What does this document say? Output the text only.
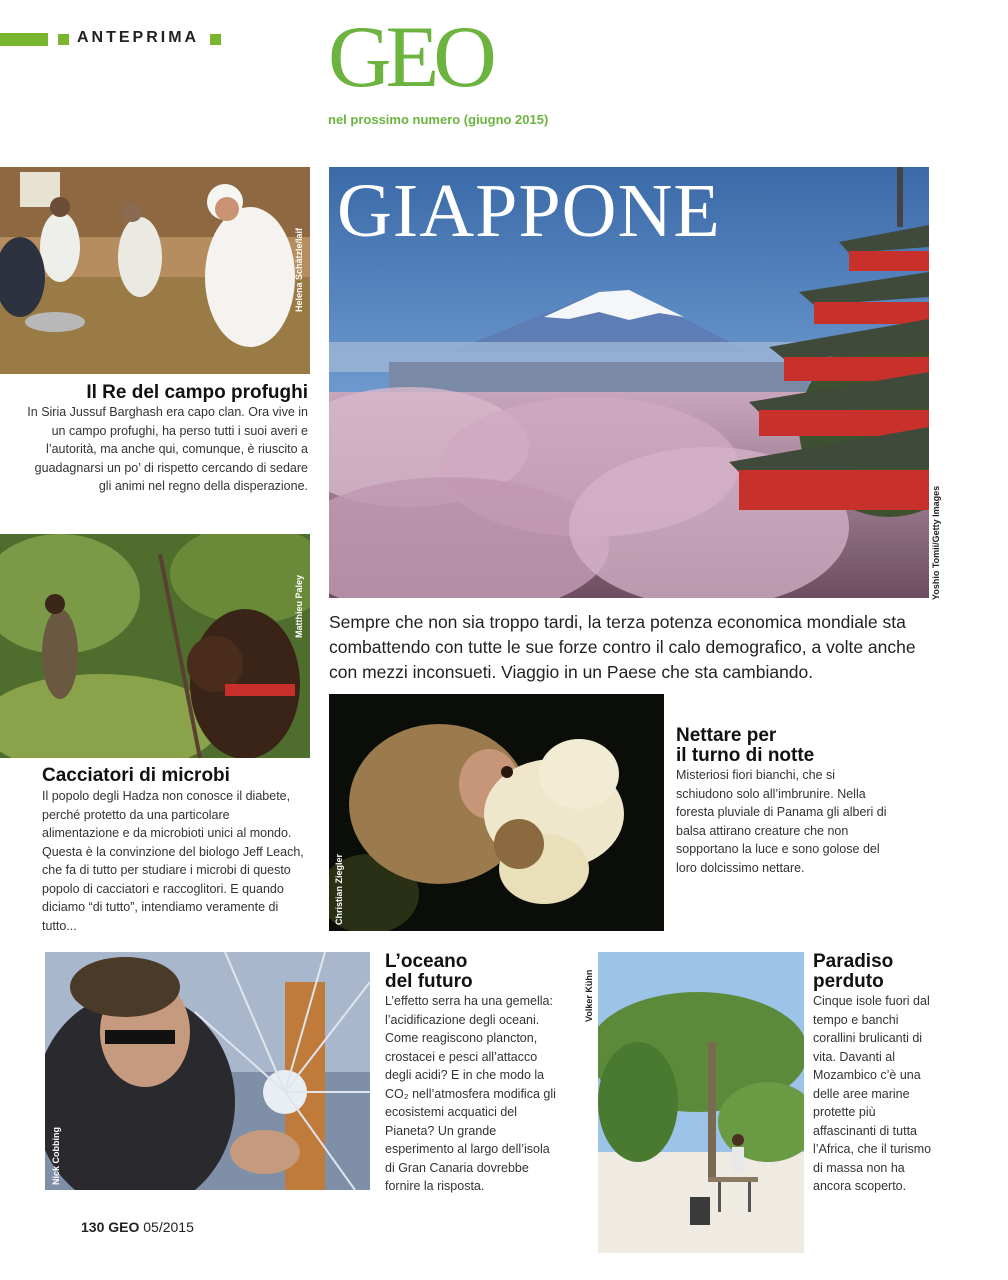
ANTEPRIMA GEO
nel prossimo numero (giugno 2015)
GIAPPONE
Yoshio Tomii/Getty Images
Sempre che non sia troppo tardi, la terza potenza economica mondiale sta combattendo con tutte le sue forze contro il calo demografico, a volte anche con mezzi inconsueti. Viaggio in un Paese che sta cambiando.
Helena Schätzle/laif
Il Re del campo profughi
In Siria Jussuf Barghash era capo clan. Ora vive in un campo profughi, ha perso tutti i suoi averi e l’autorità, ma anche qui, comunque, è riuscito a guadagnarsi un po’ di rispetto cercando di sedare gli animi nel regno della disperazione.
Matthieu Paley
Cacciatori di microbi
Il popolo degli Hadza non conosce il diabete, perché protetto da una particolare alimentazione e da microbioti unici al mondo. Questa è la convinzione del biologo Jeff Leach, che fa di tutto per studiare i microbi di questo popolo di cacciatori e raccoglitori. E quando diciamo “di tutto”, intendiamo veramente di tutto...
Christian Ziegler
Nettare per
il turno di notte
Misteriosi fiori bianchi, che si schiudono solo all’imbrunire. Nella foresta pluviale di Panama gli alberi di balsa attirano creature che non sopportano la luce e sono golose del loro dolcissimo nettare.
Nick Cobbing
L’oceano
del futuro
L’effetto serra ha una gemella: l’acidificazione degli oceani. Come reagiscono plancton, crostacei e pesci all’attacco degli acidi? E in che modo la CO₂ nell’atmosfera modifica gli ecosistemi acquatici del Pianeta? Un grande esperimento al largo dell’isola di Gran Canaria dovrebbe fornire la risposta.
Volker Kühn
Paradiso
perduto
Cinque isole fuori dal tempo e banchi corallini brulicanti di vita. Davanti al Mozambico c’è una delle aree marine protette più affascinanti di tutta l’Africa, che il turismo di massa non ha ancora scoperto.
130 GEO 05/2015
